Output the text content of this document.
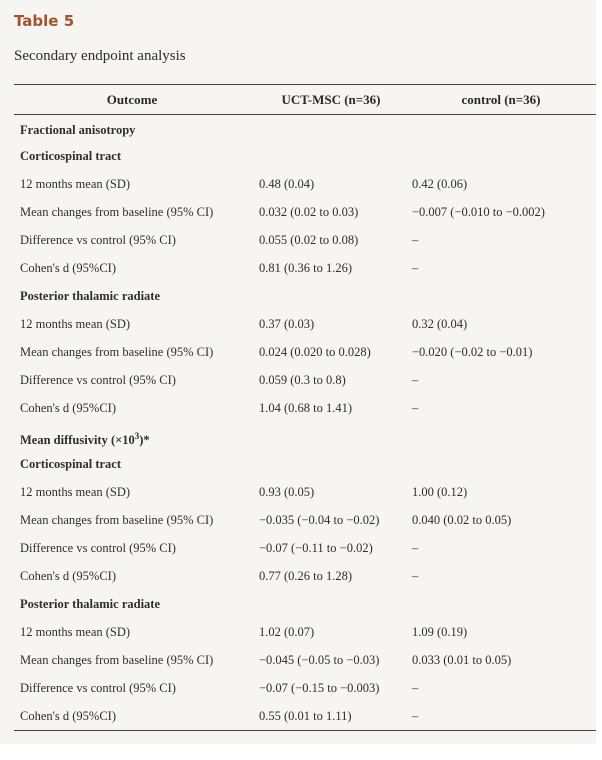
Table 5
Secondary endpoint analysis
Outcome	UCT-MSC (n=36)	control (n=36)
Fractional anisotropy
Corticospinal tract
12 months mean (SD)	0.48 (0.04)	0.42 (0.06)
Mean changes from baseline (95% CI)	0.032 (0.02 to 0.03)	−0.007 (−0.010 to −0.002)
Difference vs control (95% CI)	0.055 (0.02 to 0.08)	–
Cohen's d (95%CI)	0.81 (0.36 to 1.26)	–
Posterior thalamic radiate
12 months mean (SD)	0.37 (0.03)	0.32 (0.04)
Mean changes from baseline (95% CI)	0.024 (0.020 to 0.028)	−0.020 (−0.02 to −0.01)
Difference vs control (95% CI)	0.059 (0.3 to 0.8)	–
Cohen's d (95%CI)	1.04 (0.68 to 1.41)	–
Mean diffusivity $(\times 10^3)*$
Corticospinal tract
12 months mean (SD)	0.93 (0.05)	1.00 (0.12)
Mean changes from baseline (95% CI)	−0.035 (−0.04 to −0.02)	0.040 (0.02 to 0.05)
Difference vs control (95% CI)	−0.07 (−0.11 to −0.02)	–
Cohen's d (95%CI)	0.77 (0.26 to 1.28)	–
Posterior thalamic radiate
12 months mean (SD)	1.02 (0.07)	1.09 (0.19)
Mean changes from baseline (95% CI)	−0.045 (−0.05 to −0.03)	0.033 (0.01 to 0.05)
Difference vs control (95% CI)	−0.07 (−0.15 to −0.003)	–
Cohen's d (95%CI)	0.55 (0.01 to 1.11)	–
